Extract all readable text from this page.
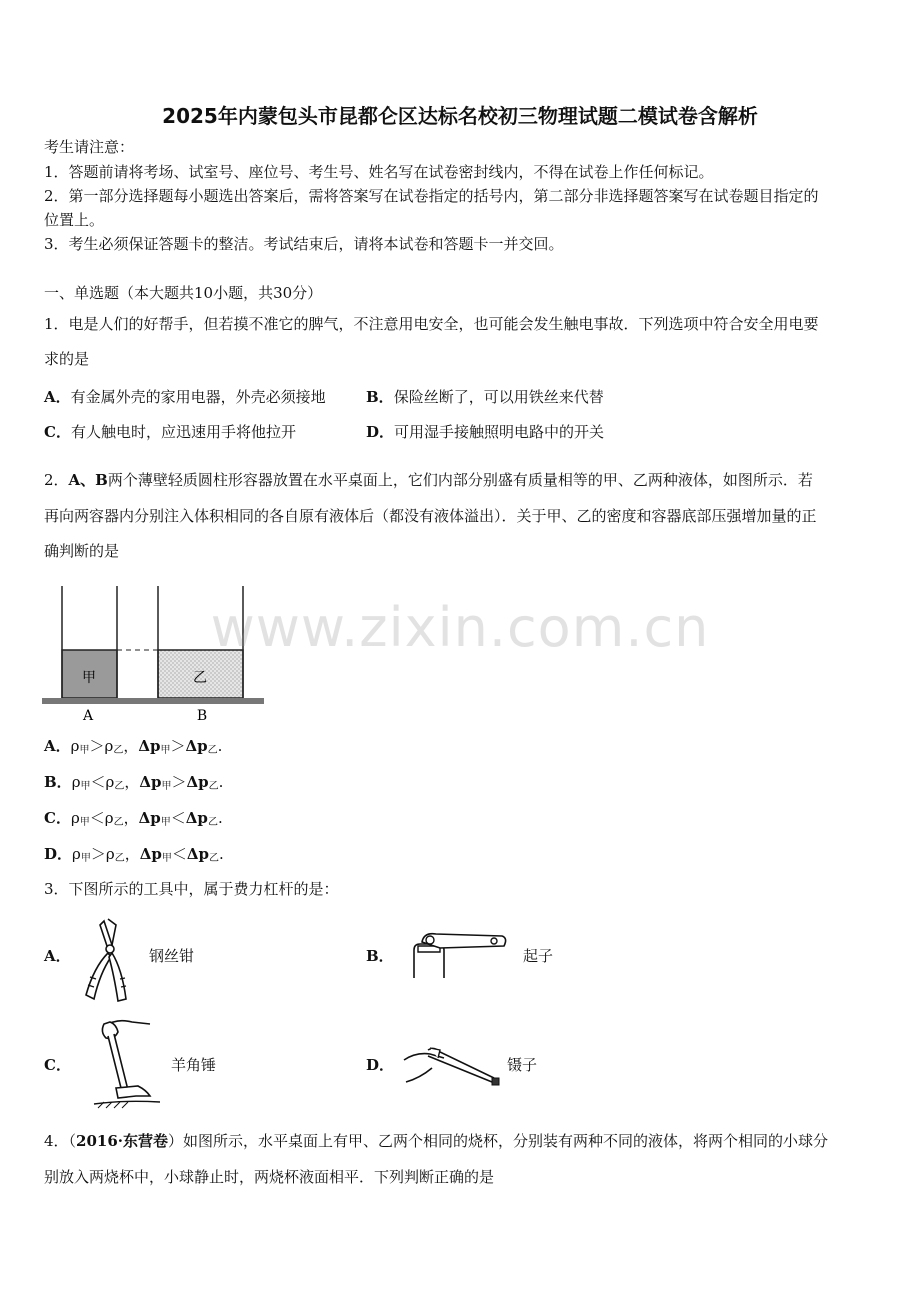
2025年内蒙包头市昆都仑区达标名校初三物理试题二模试卷含解析
考生请注意：
1．答题前请将考场、试室号、座位号、考生号、姓名写在试卷密封线内，不得在试卷上作任何标记。
2．第一部分选择题每小题选出答案后，需将答案写在试卷指定的括号内，第二部分非选择题答案写在试卷题目指定的
位置上。
3．考生必须保证答题卡的整洁。考试结束后，请将本试卷和答题卡一并交回。
一、单选题（本大题共10小题，共30分）
1．电是人们的好帮手，但若摸不准它的脾气，不注意用电安全，也可能会发生触电事故．下列选项中符合安全用电要
求的是
A．有金属外壳的家用电器，外壳必须接地	B．保险丝断了，可以用铁丝来代替
C．有人触电时，应迅速用手将他拉开	D．可用湿手接触照明电路中的开关
2．A、B两个薄壁轻质圆柱形容器放置在水平桌面上，它们内部分别盛有质量相等的甲、乙两种液体，如图所示．若
再向两容器内分别注入体积相同的各自原有液体后（都没有液体溢出）．关于甲、乙的密度和容器底部压强增加量的正
确判断的是
甲	乙
A	B
www.zixin.com.cn
A．$\rho_甲>\rho_乙$，$\Delta p_甲>\Delta p_乙$.
B．$\rho_甲<\rho_乙$，$\Delta p_甲>\Delta p_乙$.
C．$\rho_甲<\rho_乙$，$\Delta p_甲<\Delta p_乙$.
D．$\rho_甲>\rho_乙$，$\Delta p_甲<\Delta p_乙$.
3．下图所示的工具中，属于费力杠杆的是：
A．	钢丝钳	B．	起子
C．	羊角锤	D．	镊子
4．（2016·东营卷）如图所示，水平桌面上有甲、乙两个相同的烧杯，分别装有两种不同的液体，将两个相同的小球分
别放入两烧杯中，小球静止时，两烧杯液面相平．下列判断正确的是
